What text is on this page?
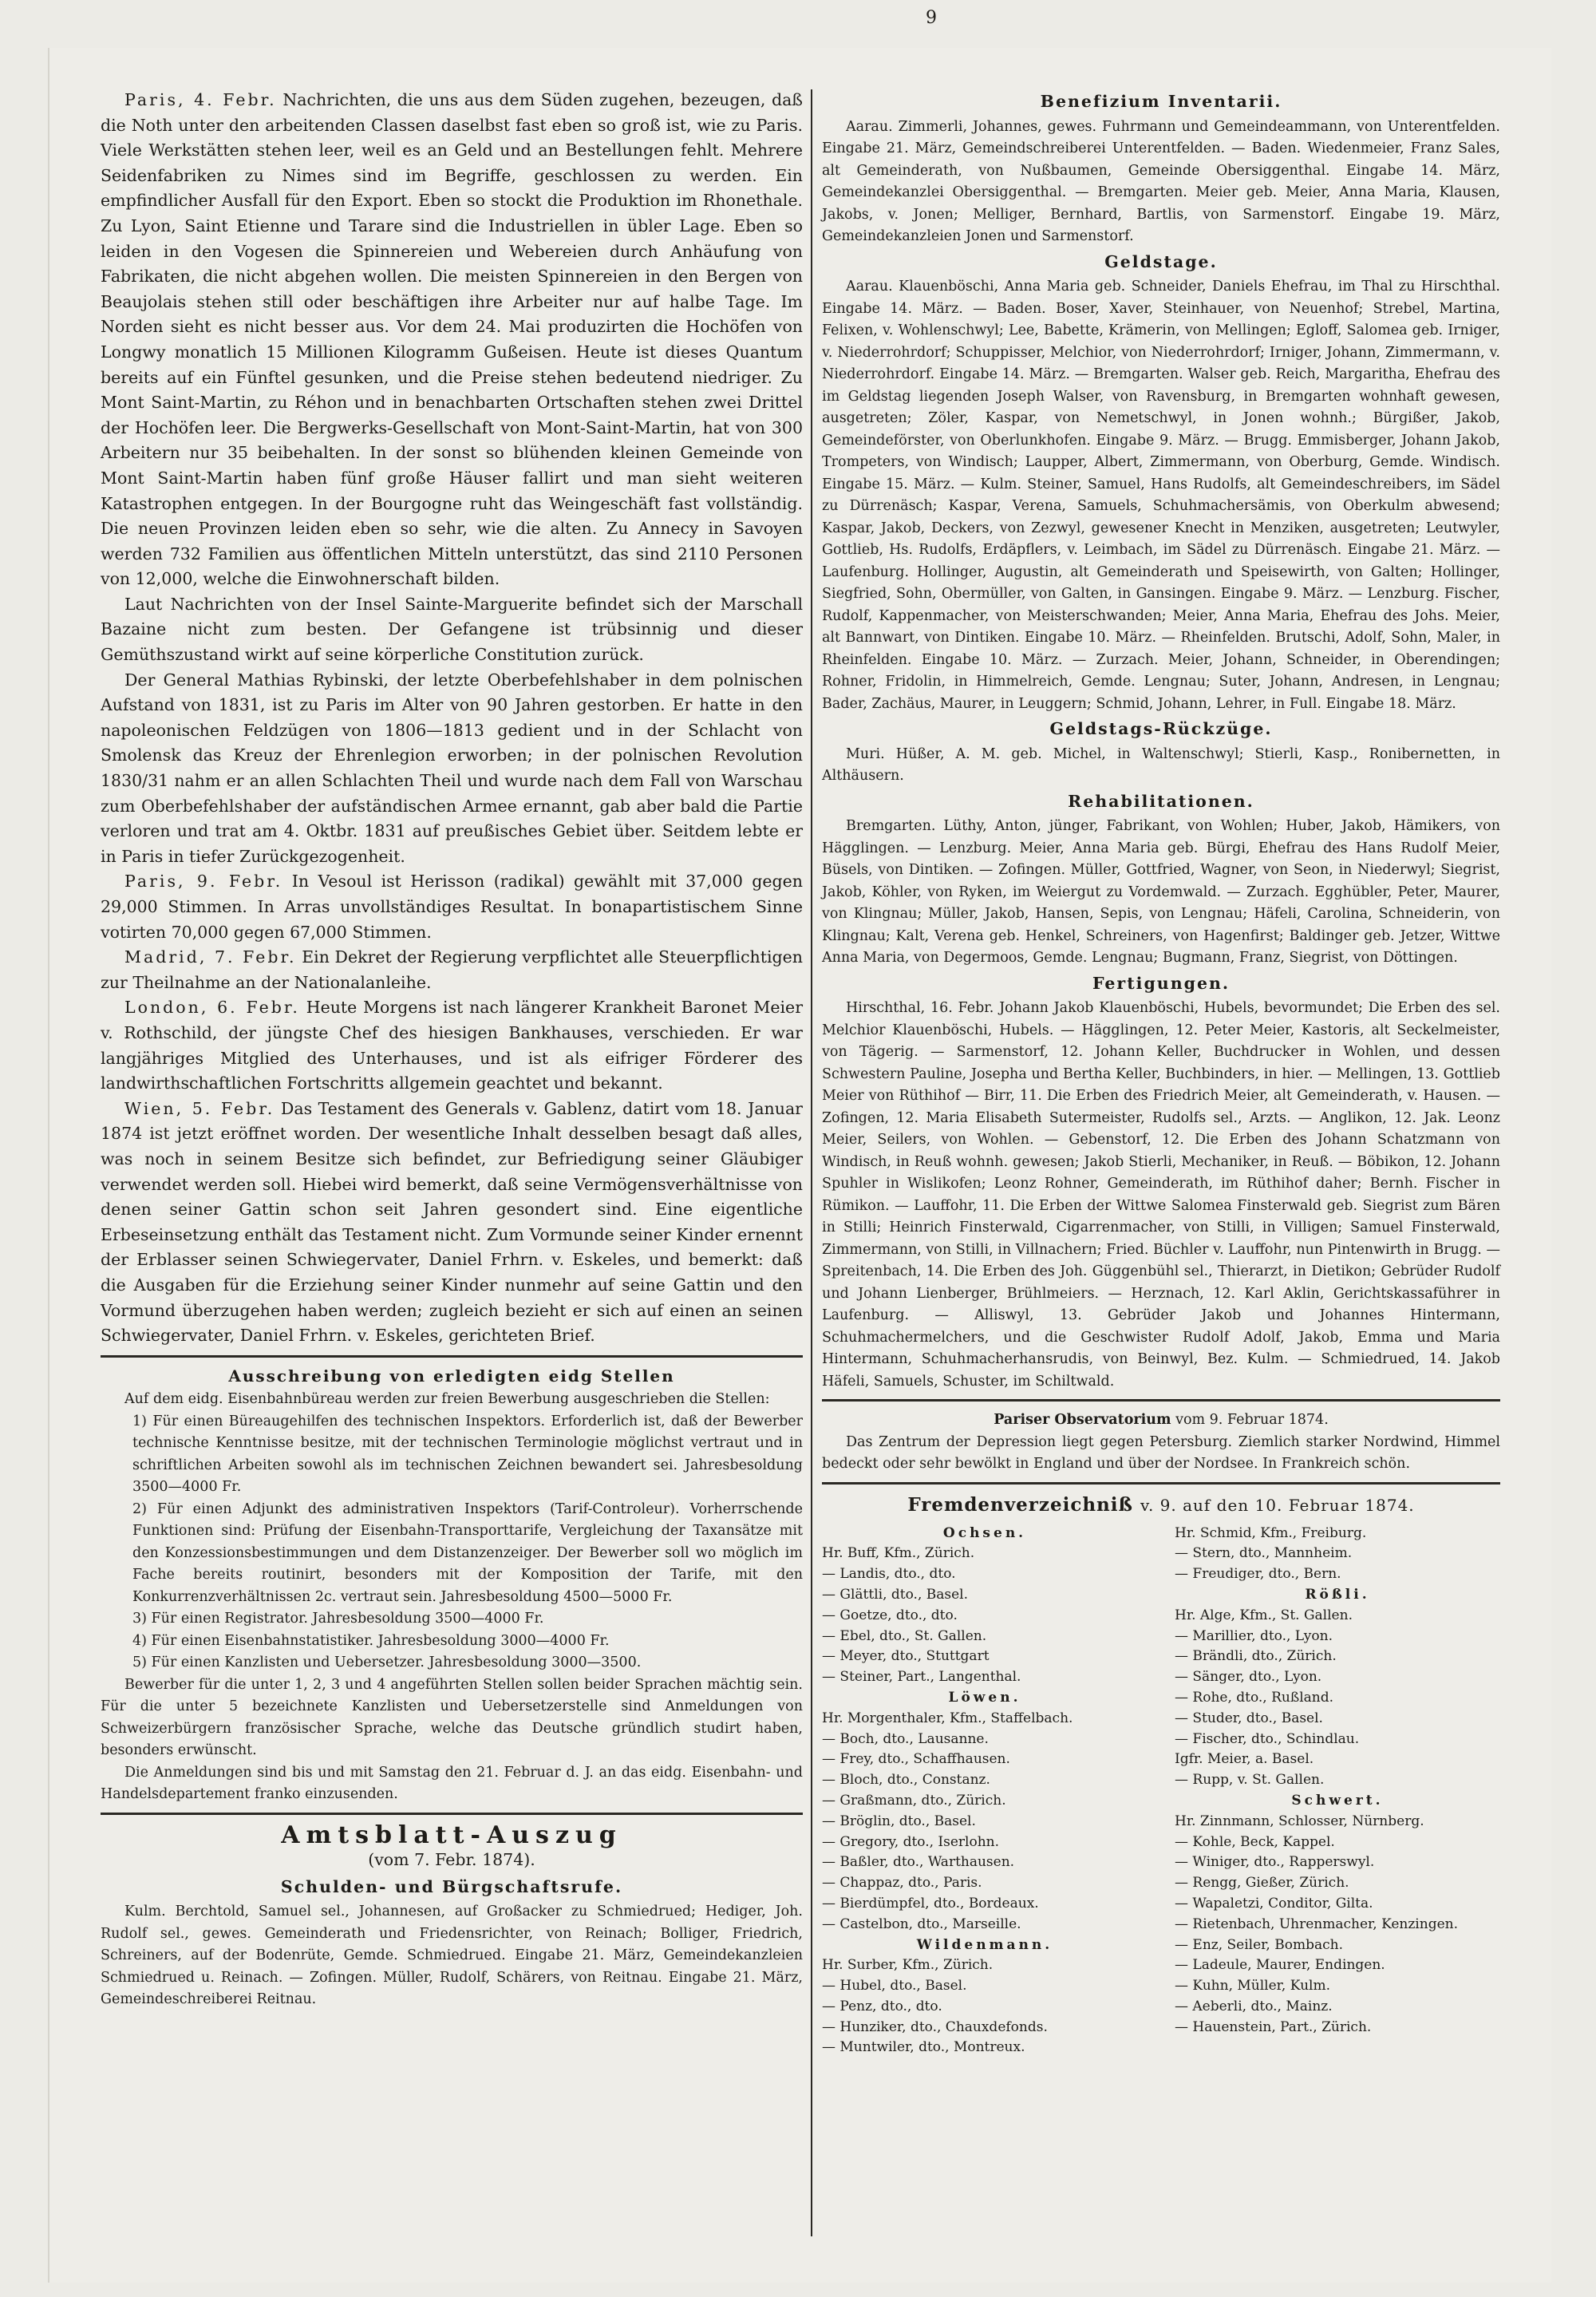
9

Paris, 4. Febr. Nachrichten, die uns aus dem Süden zugehen, bezeugen, daß die Noth unter den arbeitenden Classen daselbst fast eben so groß ist, wie zu Paris. Viele Werkstätten stehen leer, weil es an Geld und an Bestellungen fehlt. Mehrere Seidenfabriken zu Nimes sind im Begriffe, geschlossen zu werden. Ein empfindlicher Ausfall für den Export. Eben so stockt die Produktion im Rhonethale. Zu Lyon, Saint Etienne und Tarare sind die Industriellen in übler Lage. Eben so leiden in den Vogesen die Spinnereien und Webereien durch Anhäufung von Fabrikaten, die nicht abgehen wollen. Die meisten Spinnereien in den Bergen von Beaujolais stehen still oder beschäftigen ihre Arbeiter nur auf halbe Tage. Im Norden sieht es nicht besser aus. Vor dem 24. Mai produzirten die Hochöfen von Longwy monatlich 15 Millionen Kilogramm Gußeisen. Heute ist dieses Quantum bereits auf ein Fünftel gesunken, und die Preise stehen bedeutend niedriger. Zu Mont Saint-Martin, zu Réhon und in benachbarten Ortschaften stehen zwei Drittel der Hochöfen leer. Die Bergwerks-Gesellschaft von Mont-Saint-Martin, hat von 300 Arbeitern nur 35 beibehalten. In der sonst so blühenden kleinen Gemeinde von Mont Saint-Martin haben fünf große Häuser fallirt und man sieht weiteren Katastrophen entgegen. In der Bourgogne ruht das Weingeschäft fast vollständig. Die neuen Provinzen leiden eben so sehr, wie die alten. Zu Annecy in Savoyen werden 732 Familien aus öffentlichen Mitteln unterstützt, das sind 2110 Personen von 12,000, welche die Einwohnerschaft bilden.

Laut Nachrichten von der Insel Sainte-Marguerite befindet sich der Marschall Bazaine nicht zum besten. Der Gefangene ist trübsinnig und dieser Gemüthszustand wirkt auf seine körperliche Constitution zurück.

Der General Mathias Rybinski, der letzte Oberbefehlshaber in dem polnischen Aufstand von 1831, ist zu Paris im Alter von 90 Jahren gestorben. Er hatte in den napoleonischen Feldzügen von 1806—1813 gedient und in der Schlacht von Smolensk das Kreuz der Ehrenlegion erworben; in der polnischen Revolution 1830/31 nahm er an allen Schlachten Theil und wurde nach dem Fall von Warschau zum Oberbefehlshaber der aufständischen Armee ernannt, gab aber bald die Partie verloren und trat am 4. Oktbr. 1831 auf preußisches Gebiet über. Seitdem lebte er in Paris in tiefer Zurückgezogenheit.

Paris, 9. Febr. In Vesoul ist Herisson (radikal) gewählt mit 37,000 gegen 29,000 Stimmen. In Arras unvollständiges Resultat. In bonapartistischem Sinne votirten 70,000 gegen 67,000 Stimmen.

Madrid, 7. Febr. Ein Dekret der Regierung verpflichtet alle Steuerpflichtigen zur Theilnahme an der Nationalanleihe.

London, 6. Febr. Heute Morgens ist nach längerer Krankheit Baronet Meier v. Rothschild, der jüngste Chef des hiesigen Bankhauses, verschieden. Er war langjähriges Mitglied des Unterhauses, und ist als eifriger Förderer des landwirthschaftlichen Fortschritts allgemein geachtet und bekannt.

Wien, 5. Febr. Das Testament des Generals v. Gablenz, datirt vom 18. Januar 1874 ist jetzt eröffnet worden. Der wesentliche Inhalt desselben besagt daß alles, was noch in seinem Besitze sich befindet, zur Befriedigung seiner Gläubiger verwendet werden soll. Hiebei wird bemerkt, daß seine Vermögensverhältnisse von denen seiner Gattin schon seit Jahren gesondert sind. Eine eigentliche Erbeseinsetzung enthält das Testament nicht. Zum Vormunde seiner Kinder ernennt der Erblasser seinen Schwiegervater, Daniel Frhrn. v. Eskeles, und bemerkt: daß die Ausgaben für die Erziehung seiner Kinder nunmehr auf seine Gattin und den Vormund überzugehen haben werden; zugleich bezieht er sich auf einen an seinen Schwiegervater, Daniel Frhrn. v. Eskeles, gerichteten Brief.

Ausschreibung von erledigten eidg Stellen

Auf dem eidg. Eisenbahnbüreau werden zur freien Bewerbung ausgeschrieben die Stellen:

1) Für einen Büreaugehilfen des technischen Inspektors. Erforderlich ist, daß der Bewerber technische Kenntnisse besitze, mit der technischen Terminologie möglichst vertraut und in schriftlichen Arbeiten sowohl als im technischen Zeichnen bewandert sei. Jahresbesoldung 3500—4000 Fr.
2) Für einen Adjunkt des administrativen Inspektors (Tarif-Controleur). Vorherrschende Funktionen sind: Prüfung der Eisenbahn-Transporttarife, Vergleichung der Taxansätze mit den Konzessionsbestimmungen und dem Distanzenzeiger. Der Bewerber soll wo möglich im Fache bereits routinirt, besonders mit der Komposition der Tarife, mit den Konkurrenzverhältnissen 2c. vertraut sein. Jahresbesoldung 4500—5000 Fr.
3) Für einen Registrator. Jahresbesoldung 3500—4000 Fr.
4) Für einen Eisenbahnstatistiker. Jahresbesoldung 3000—4000 Fr.
5) Für einen Kanzlisten und Uebersetzer. Jahresbesoldung 3000—3500.

Bewerber für die unter 1, 2, 3 und 4 angeführten Stellen sollen beider Sprachen mächtig sein. Für die unter 5 bezeichnete Kanzlisten und Uebersetzerstelle sind Anmeldungen von Schweizerbürgern französischer Sprache, welche das Deutsche gründlich studirt haben, besonders erwünscht.

Die Anmeldungen sind bis und mit Samstag den 21. Februar d. J. an das eidg. Eisenbahn- und Handelsdepartement franko einzusenden.

Amtsblatt-Auszug
(vom 7. Febr. 1874).
Schulden- und Bürgschaftsrufe.

Kulm. Berchtold, Samuel sel., Johannesen, auf Großacker zu Schmiedrued; Hediger, Joh. Rudolf sel., gewes. Gemeinderath und Friedensrichter, von Reinach; Bolliger, Friedrich, Schreiners, auf der Bodenrüte, Gemde. Schmiedrued. Eingabe 21. März, Gemeindekanzleien Schmiedrued u. Reinach. — Zofingen. Müller, Rudolf, Schärers, von Reitnau. Eingabe 21. März, Gemeindeschreiberei Reitnau.

Benefizium Inventarii.

Aarau. Zimmerli, Johannes, gewes. Fuhrmann und Gemeindeammann, von Unterentfelden. Eingabe 21. März, Gemeindschreiberei Unterentfelden. — Baden. Wiedenmeier, Franz Sales, alt Gemeinderath, von Nußbaumen, Gemeinde Obersiggenthal. Eingabe 14. März, Gemeindekanzlei Obersiggenthal. — Bremgarten. Meier geb. Meier, Anna Maria, Klausen, Jakobs, v. Jonen; Melliger, Bernhard, Bartlis, von Sarmenstorf. Eingabe 19. März, Gemeindekanzleien Jonen und Sarmenstorf.

Geldstage.

Aarau. Klauenböschi, Anna Maria geb. Schneider, Daniels Ehefrau, im Thal zu Hirschthal. Eingabe 14. März. — Baden. Boser, Xaver, Steinhauer, von Neuenhof; Strebel, Martina, Felixen, v. Wohlenschwyl; Lee, Babette, Krämerin, von Mellingen; Egloff, Salomea geb. Irniger, v. Niederrohrdorf; Schuppisser, Melchior, von Niederrohrdorf; Irniger, Johann, Zimmermann, v. Niederrohrdorf. Eingabe 14. März. — Bremgarten. Walser geb. Reich, Margaritha, Ehefrau des im Geldstag liegenden Joseph Walser, von Ravensburg, in Bremgarten wohnhaft gewesen, ausgetreten; Zöler, Kaspar, von Nemetschwyl, in Jonen wohnh.; Bürgißer, Jakob, Gemeindeförster, von Oberlunkhofen. Eingabe 9. März. — Brugg. Emmisberger, Johann Jakob, Trompeters, von Windisch; Laupper, Albert, Zimmermann, von Oberburg, Gemde. Windisch. Eingabe 15. März. — Kulm. Steiner, Samuel, Hans Rudolfs, alt Gemeindeschreibers, im Sädel zu Dürrenäsch; Kaspar, Verena, Samuels, Schuhmachersämis, von Oberkulm abwesend; Kaspar, Jakob, Deckers, von Zezwyl, gewesener Knecht in Menziken, ausgetreten; Leutwyler, Gottlieb, Hs. Rudolfs, Erdäpflers, v. Leimbach, im Sädel zu Dürrenäsch. Eingabe 21. März. — Laufenburg. Hollinger, Augustin, alt Gemeinderath und Speisewirth, von Galten; Hollinger, Siegfried, Sohn, Obermüller, von Galten, in Gansingen. Eingabe 9. März. — Lenzburg. Fischer, Rudolf, Kappenmacher, von Meisterschwanden; Meier, Anna Maria, Ehefrau des Johs. Meier, alt Bannwart, von Dintiken. Eingabe 10. März. — Rheinfelden. Brutschi, Adolf, Sohn, Maler, in Rheinfelden. Eingabe 10. März. — Zurzach. Meier, Johann, Schneider, in Oberendingen; Rohner, Fridolin, in Himmelreich, Gemde. Lengnau; Suter, Johann, Andresen, in Lengnau; Bader, Zachäus, Maurer, in Leuggern; Schmid, Johann, Lehrer, in Full. Eingabe 18. März.

Geldstags-Rückzüge.

Muri. Hüßer, A. M. geb. Michel, in Waltenschwyl; Stierli, Kasp., Ronibernetten, in Althäusern.

Rehabilitationen.

Bremgarten. Lüthy, Anton, jünger, Fabrikant, von Wohlen; Huber, Jakob, Hämikers, von Hägglingen. — Lenzburg. Meier, Anna Maria geb. Bürgi, Ehefrau des Hans Rudolf Meier, Büsels, von Dintiken. — Zofingen. Müller, Gottfried, Wagner, von Seon, in Niederwyl; Siegrist, Jakob, Köhler, von Ryken, im Weiergut zu Vordemwald. — Zurzach. Egghübler, Peter, Maurer, von Klingnau; Müller, Jakob, Hansen, Sepis, von Lengnau; Häfeli, Carolina, Schneiderin, von Klingnau; Kalt, Verena geb. Henkel, Schreiners, von Hagenfirst; Baldinger geb. Jetzer, Wittwe Anna Maria, von Degermoos, Gemde. Lengnau; Bugmann, Franz, Siegrist, von Döttingen.

Fertigungen.

Hirschthal, 16. Febr. Johann Jakob Klauenböschi, Hubels, bevormundet; Die Erben des sel. Melchior Klauenböschi, Hubels. — Hägglingen, 12. Peter Meier, Kastoris, alt Seckelmeister, von Tägerig. — Sarmenstorf, 12. Johann Keller, Buchdrucker in Wohlen, und dessen Schwestern Pauline, Josepha und Bertha Keller, Buchbinders, in hier. — Mellingen, 13. Gottlieb Meier von Rüthihof — Birr, 11. Die Erben des Friedrich Meier, alt Gemeinderath, v. Hausen. — Zofingen, 12. Maria Elisabeth Sutermeister, Rudolfs sel., Arzts. — Anglikon, 12. Jak. Leonz Meier, Seilers, von Wohlen. — Gebenstorf, 12. Die Erben des Johann Schatzmann von Windisch, in Reuß wohnh. gewesen; Jakob Stierli, Mechaniker, in Reuß. — Böbikon, 12. Johann Spuhler in Wislikofen; Leonz Rohner, Gemeinderath, im Rüthihof daher; Bernh. Fischer in Rümikon. — Lauffohr, 11. Die Erben der Wittwe Salomea Finsterwald geb. Siegrist zum Bären in Stilli; Heinrich Finsterwald, Cigarrenmacher, von Stilli, in Villigen; Samuel Finsterwald, Zimmermann, von Stilli, in Villnachern; Fried. Büchler v. Lauffohr, nun Pintenwirth in Brugg. — Spreitenbach, 14. Die Erben des Joh. Güggenbühl sel., Thierarzt, in Dietikon; Gebrüder Rudolf und Johann Lienberger, Brühlmeiers. — Herznach, 12. Karl Aklin, Gerichtskassaführer in Laufenburg. — Alliswyl, 13. Gebrüder Jakob und Johannes Hintermann, Schuhmachermelchers, und die Geschwister Rudolf Adolf, Jakob, Emma und Maria Hintermann, Schuhmacherhansrudis, von Beinwyl, Bez. Kulm. — Schmiedrued, 14. Jakob Häfeli, Samuels, Schuster, im Schiltwald.

Pariser Observatorium vom 9. Februar 1874.

Das Zentrum der Depression liegt gegen Petersburg. Ziemlich starker Nordwind, Himmel bedeckt oder sehr bewölkt in England und über der Nordsee. In Frankreich schön.

Fremdenverzeichniß v. 9. auf den 10. Februar 1874.
Ochsen.
Hr. Buff, Kfm., Zürich.
— Landis, dto., dto.
— Glättli, dto., Basel.
— Goetze, dto., dto.
— Ebel, dto., St. Gallen.
— Meyer, dto., Stuttgart
— Steiner, Part., Langenthal.
Löwen.
Hr. Morgenthaler, Kfm., Staffelbach.
— Boch, dto., Lausanne.
— Frey, dto., Schaffhausen.
— Bloch, dto., Constanz.
— Graßmann, dto., Zürich.
— Bröglin, dto., Basel.
— Gregory, dto., Iserlohn.
— Baßler, dto., Warthausen.
— Chappaz, dto., Paris.
— Bierdümpfel, dto., Bordeaux.
— Castelbon, dto., Marseille.
Wildenmann.
Hr. Surber, Kfm., Zürich.
— Hubel, dto., Basel.
— Penz, dto., dto.
— Hunziker, dto., Chauxdefonds.
— Muntwiler, dto., Montreux.
Hr. Schmid, Kfm., Freiburg.
— Stern, dto., Mannheim.
— Freudiger, dto., Bern.
Rößli.
Hr. Alge, Kfm., St. Gallen.
— Marillier, dto., Lyon.
— Brändli, dto., Zürich.
— Sänger, dto., Lyon.
— Rohe, dto., Rußland.
— Studer, dto., Basel.
— Fischer, dto., Schindlau.
Igfr. Meier, a. Basel.
— Rupp, v. St. Gallen.
Schwert.
Hr. Zinnmann, Schlosser, Nürnberg.
— Kohle, Beck, Kappel.
— Winiger, dto., Rapperswyl.
— Rengg, Gießer, Zürich.
— Wapaletzi, Conditor, Gilta.
— Rietenbach, Uhrenmacher, Kenzingen.
— Enz, Seiler, Bombach.
— Ladeule, Maurer, Endingen.
— Kuhn, Müller, Kulm.
— Aeberli, dto., Mainz.
— Hauenstein, Part., Zürich.
